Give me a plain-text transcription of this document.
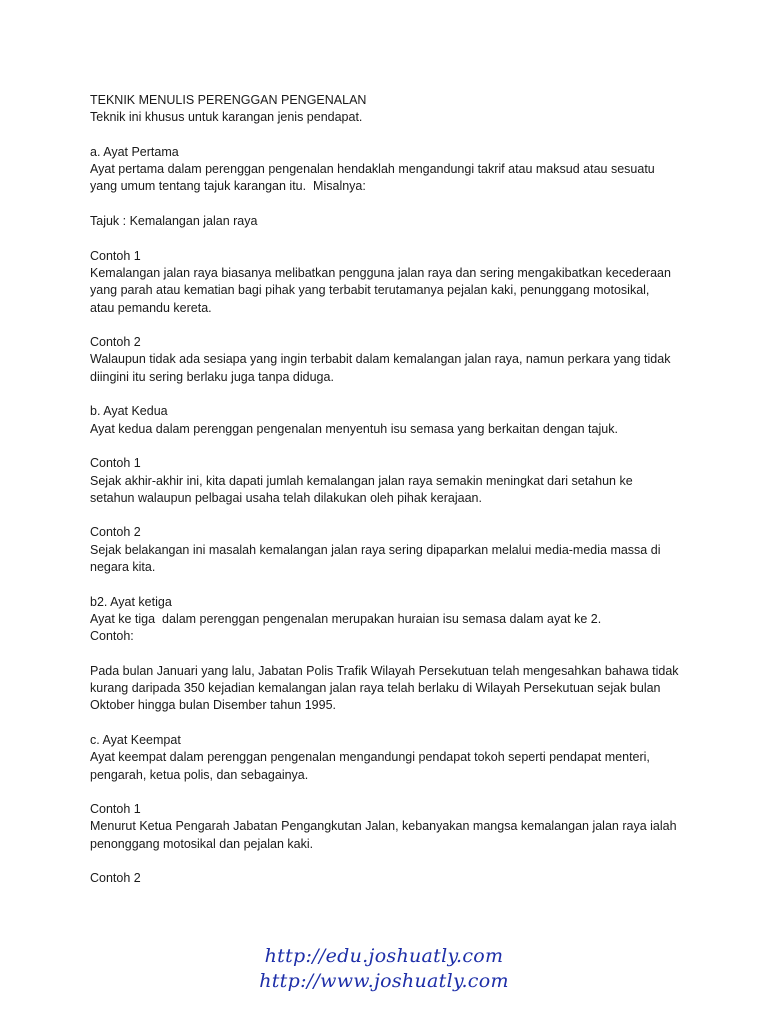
TEKNIK MENULIS PERENGGAN PENGENALAN

Teknik ini khusus untuk karangan jenis pendapat.

a. Ayat Pertama

Ayat pertama dalam perenggan pengenalan hendaklah mengandungi takrif atau maksud atau sesuatu

yang umum tentang tajuk karangan itu.  Misalnya:

Tajuk : Kemalangan jalan raya

Contoh 1

Kemalangan jalan raya biasanya melibatkan pengguna jalan raya dan sering mengakibatkan kecederaan

yang parah atau kematian bagi pihak yang terbabit terutamanya pejalan kaki, penunggang motosikal,

atau pemandu kereta.

Contoh 2

Walaupun tidak ada sesiapa yang ingin terbabit dalam kemalangan jalan raya, namun perkara yang tidak

diingini itu sering berlaku juga tanpa diduga.

b. Ayat Kedua

Ayat kedua dalam perenggan pengenalan menyentuh isu semasa yang berkaitan dengan tajuk.

Contoh 1

Sejak akhir-akhir ini, kita dapati jumlah kemalangan jalan raya semakin meningkat dari setahun ke

setahun walaupun pelbagai usaha telah dilakukan oleh pihak kerajaan.

Contoh 2

Sejak belakangan ini masalah kemalangan jalan raya sering dipaparkan melalui media-media massa di

negara kita.

b2. Ayat ketiga

Ayat ke tiga  dalam perenggan pengenalan merupakan huraian isu semasa dalam ayat ke 2.

Contoh:

Pada bulan Januari yang lalu, Jabatan Polis Trafik Wilayah Persekutuan telah mengesahkan bahawa tidak

kurang daripada 350 kejadian kemalangan jalan raya telah berlaku di Wilayah Persekutuan sejak bulan

Oktober hingga bulan Disember tahun 1995.

c. Ayat Keempat

Ayat keempat dalam perenggan pengenalan mengandungi pendapat tokoh seperti pendapat menteri,

pengarah, ketua polis, dan sebagainya.

Contoh 1

Menurut Ketua Pengarah Jabatan Pengangkutan Jalan, kebanyakan mangsa kemalangan jalan raya ialah

penonggang motosikal dan pejalan kaki.

Contoh 2

http://edu.joshuatly.com
http://www.joshuatly.com
